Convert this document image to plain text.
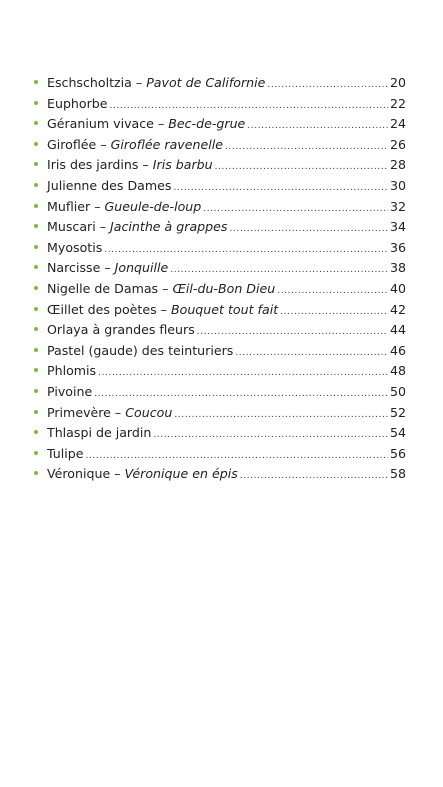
Eschscholtzia – Pavot de Californie .....	20
Euphorbe .....	22
Géranium vivace – Bec-de-grue .....	24
Giroflée – Giroflée ravenelle .....	26
Iris des jardins – Iris barbu .....	28
Julienne des Dames .....	30
Muflier – Gueule-de-loup .....	32
Muscari – Jacinthe à grappes .....	34
Myosotis .....	36
Narcisse – Jonquille .....	38
Nigelle de Damas – Œil-du-Bon Dieu .....	40
Œillet des poètes – Bouquet tout fait .....	42
Orlaya à grandes fleurs .....	44
Pastel (gaude) des teinturiers .....	46
Phlomis .....	48
Pivoine .....	50
Primevère – Coucou .....	52
Thlaspi de jardin .....	54
Tulipe .....	56
Véronique – Véronique en épis .....	58
